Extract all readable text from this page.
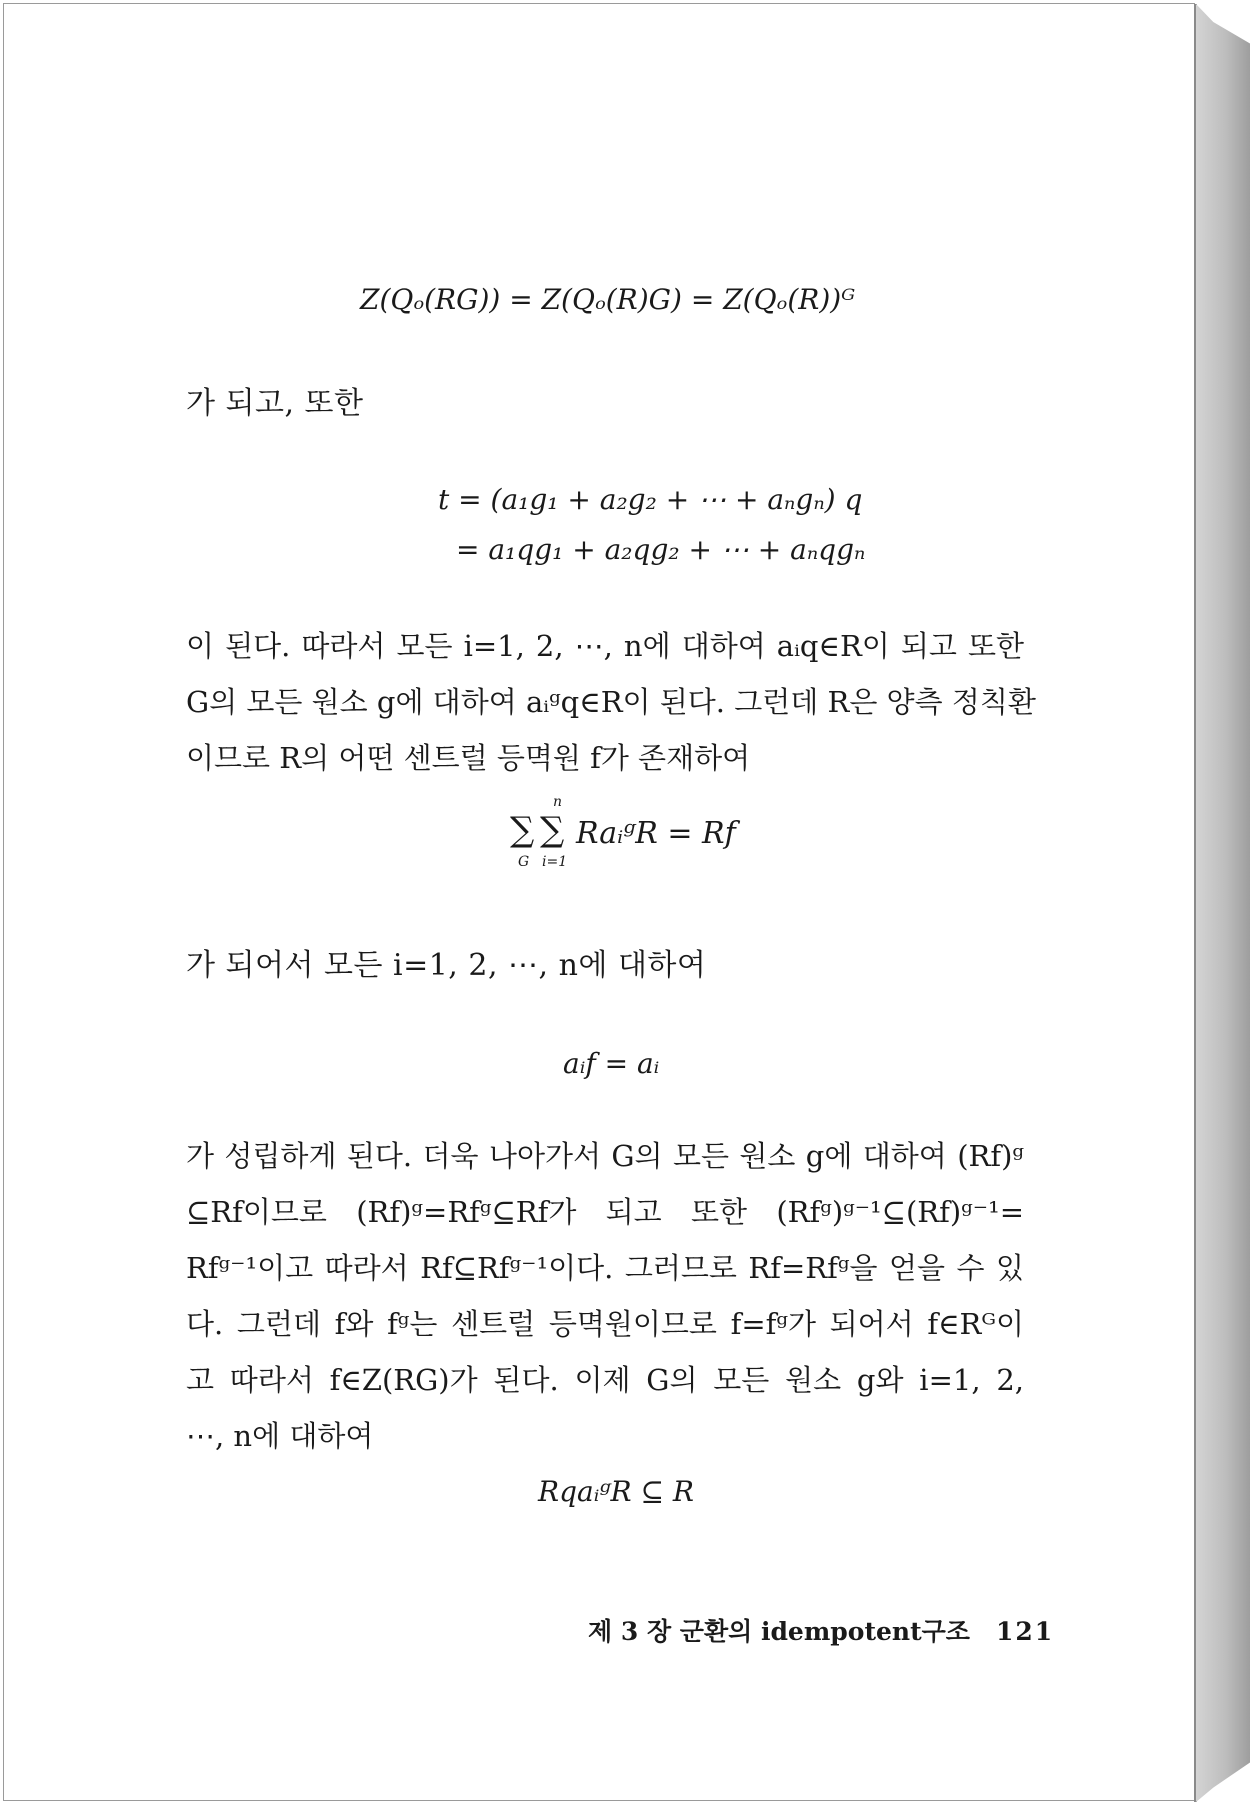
Z(Qₒ(RG)) = Z(Qₒ(R)G) = Z(Qₒ(R))ᴳ
가 되고, 또한
t = (a₁g₁ + a₂g₂ + ⋯ + aₙgₙ) q
= a₁qg₁ + a₂qg₂ + ⋯ + aₙqgₙ
이 된다. 따라서 모든 i=1, 2, ⋯, n에 대하여 aᵢq∈R이 되고 또한
G의 모든 원소 g에 대하여 aᵢᵍq∈R이 된다. 그런데 R은 양측 정칙환
이므로 R의 어떤 센트럴 등멱원 f가 존재하여
∑ ∑
G i=1
n
RaᵢᵍR = Rf
가 되어서 모든 i=1, 2, ⋯, n에 대하여
aᵢf = aᵢ
가 성립하게 된다. 더욱 나아가서 G의 모든 원소 g에 대하여 (Rf)ᵍ
⊆Rf이므로 (Rf)ᵍ=Rfᵍ⊆Rf가 되고 또한 (Rfᵍ)ᵍ⁻¹⊆(Rf)ᵍ⁻¹=
Rfᵍ⁻¹이고 따라서 Rf⊆Rfᵍ⁻¹이다. 그러므로 Rf=Rfᵍ을 얻을 수 있
다. 그런데 f와 fᵍ는 센트럴 등멱원이므로 f=fᵍ가 되어서 f∈Rᴳ이
고 따라서 f∈Z(RG)가 된다. 이제 G의 모든 원소 g와 i=1, 2,
⋯, n에 대하여
RqaᵢᵍR ⊆ R
제 3 장 군환의 idempotent구조 121
